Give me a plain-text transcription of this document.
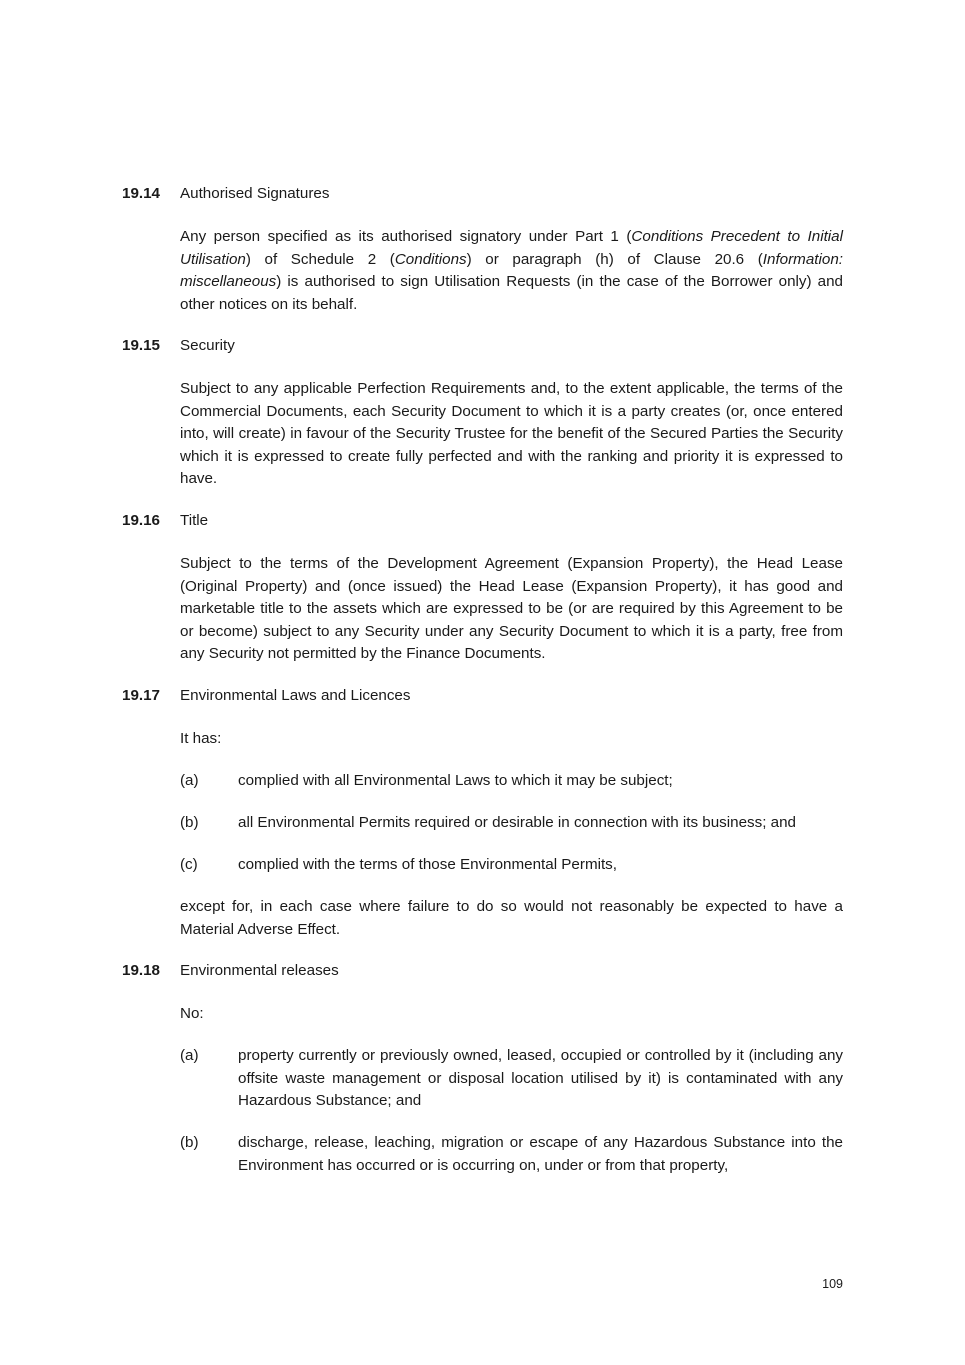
19.14 Authorised Signatures
Any person specified as its authorised signatory under Part 1 (Conditions Precedent to Initial Utilisation) of Schedule 2 (Conditions) or paragraph (h) of Clause 20.6 (Information: miscellaneous) is authorised to sign Utilisation Requests (in the case of the Borrower only) and other notices on its behalf.
19.15 Security
Subject to any applicable Perfection Requirements and, to the extent applicable, the terms of the Commercial Documents, each Security Document to which it is a party creates (or, once entered into, will create) in favour of the Security Trustee for the benefit of the Secured Parties the Security which it is expressed to create fully perfected and with the ranking and priority it is expressed to have.
19.16 Title
Subject to the terms of the Development Agreement (Expansion Property), the Head Lease (Original Property) and (once issued) the Head Lease (Expansion Property), it has good and marketable title to the assets which are expressed to be (or are required by this Agreement to be or become) subject to any Security under any Security Document to which it is a party, free from any Security not permitted by the Finance Documents.
19.17 Environmental Laws and Licences
It has:
(a)	complied with all Environmental Laws to which it may be subject;
(b)	all Environmental Permits required or desirable in connection with its business; and
(c)	complied with the terms of those Environmental Permits,
except for, in each case where failure to do so would not reasonably be expected to have a Material Adverse Effect.
19.18 Environmental releases
No:
(a)	property currently or previously owned, leased, occupied or controlled by it (including any offsite waste management or disposal location utilised by it) is contaminated with any Hazardous Substance; and
(b)	discharge, release, leaching, migration or escape of any Hazardous Substance into the Environment has occurred or is occurring on, under or from that property,
109
